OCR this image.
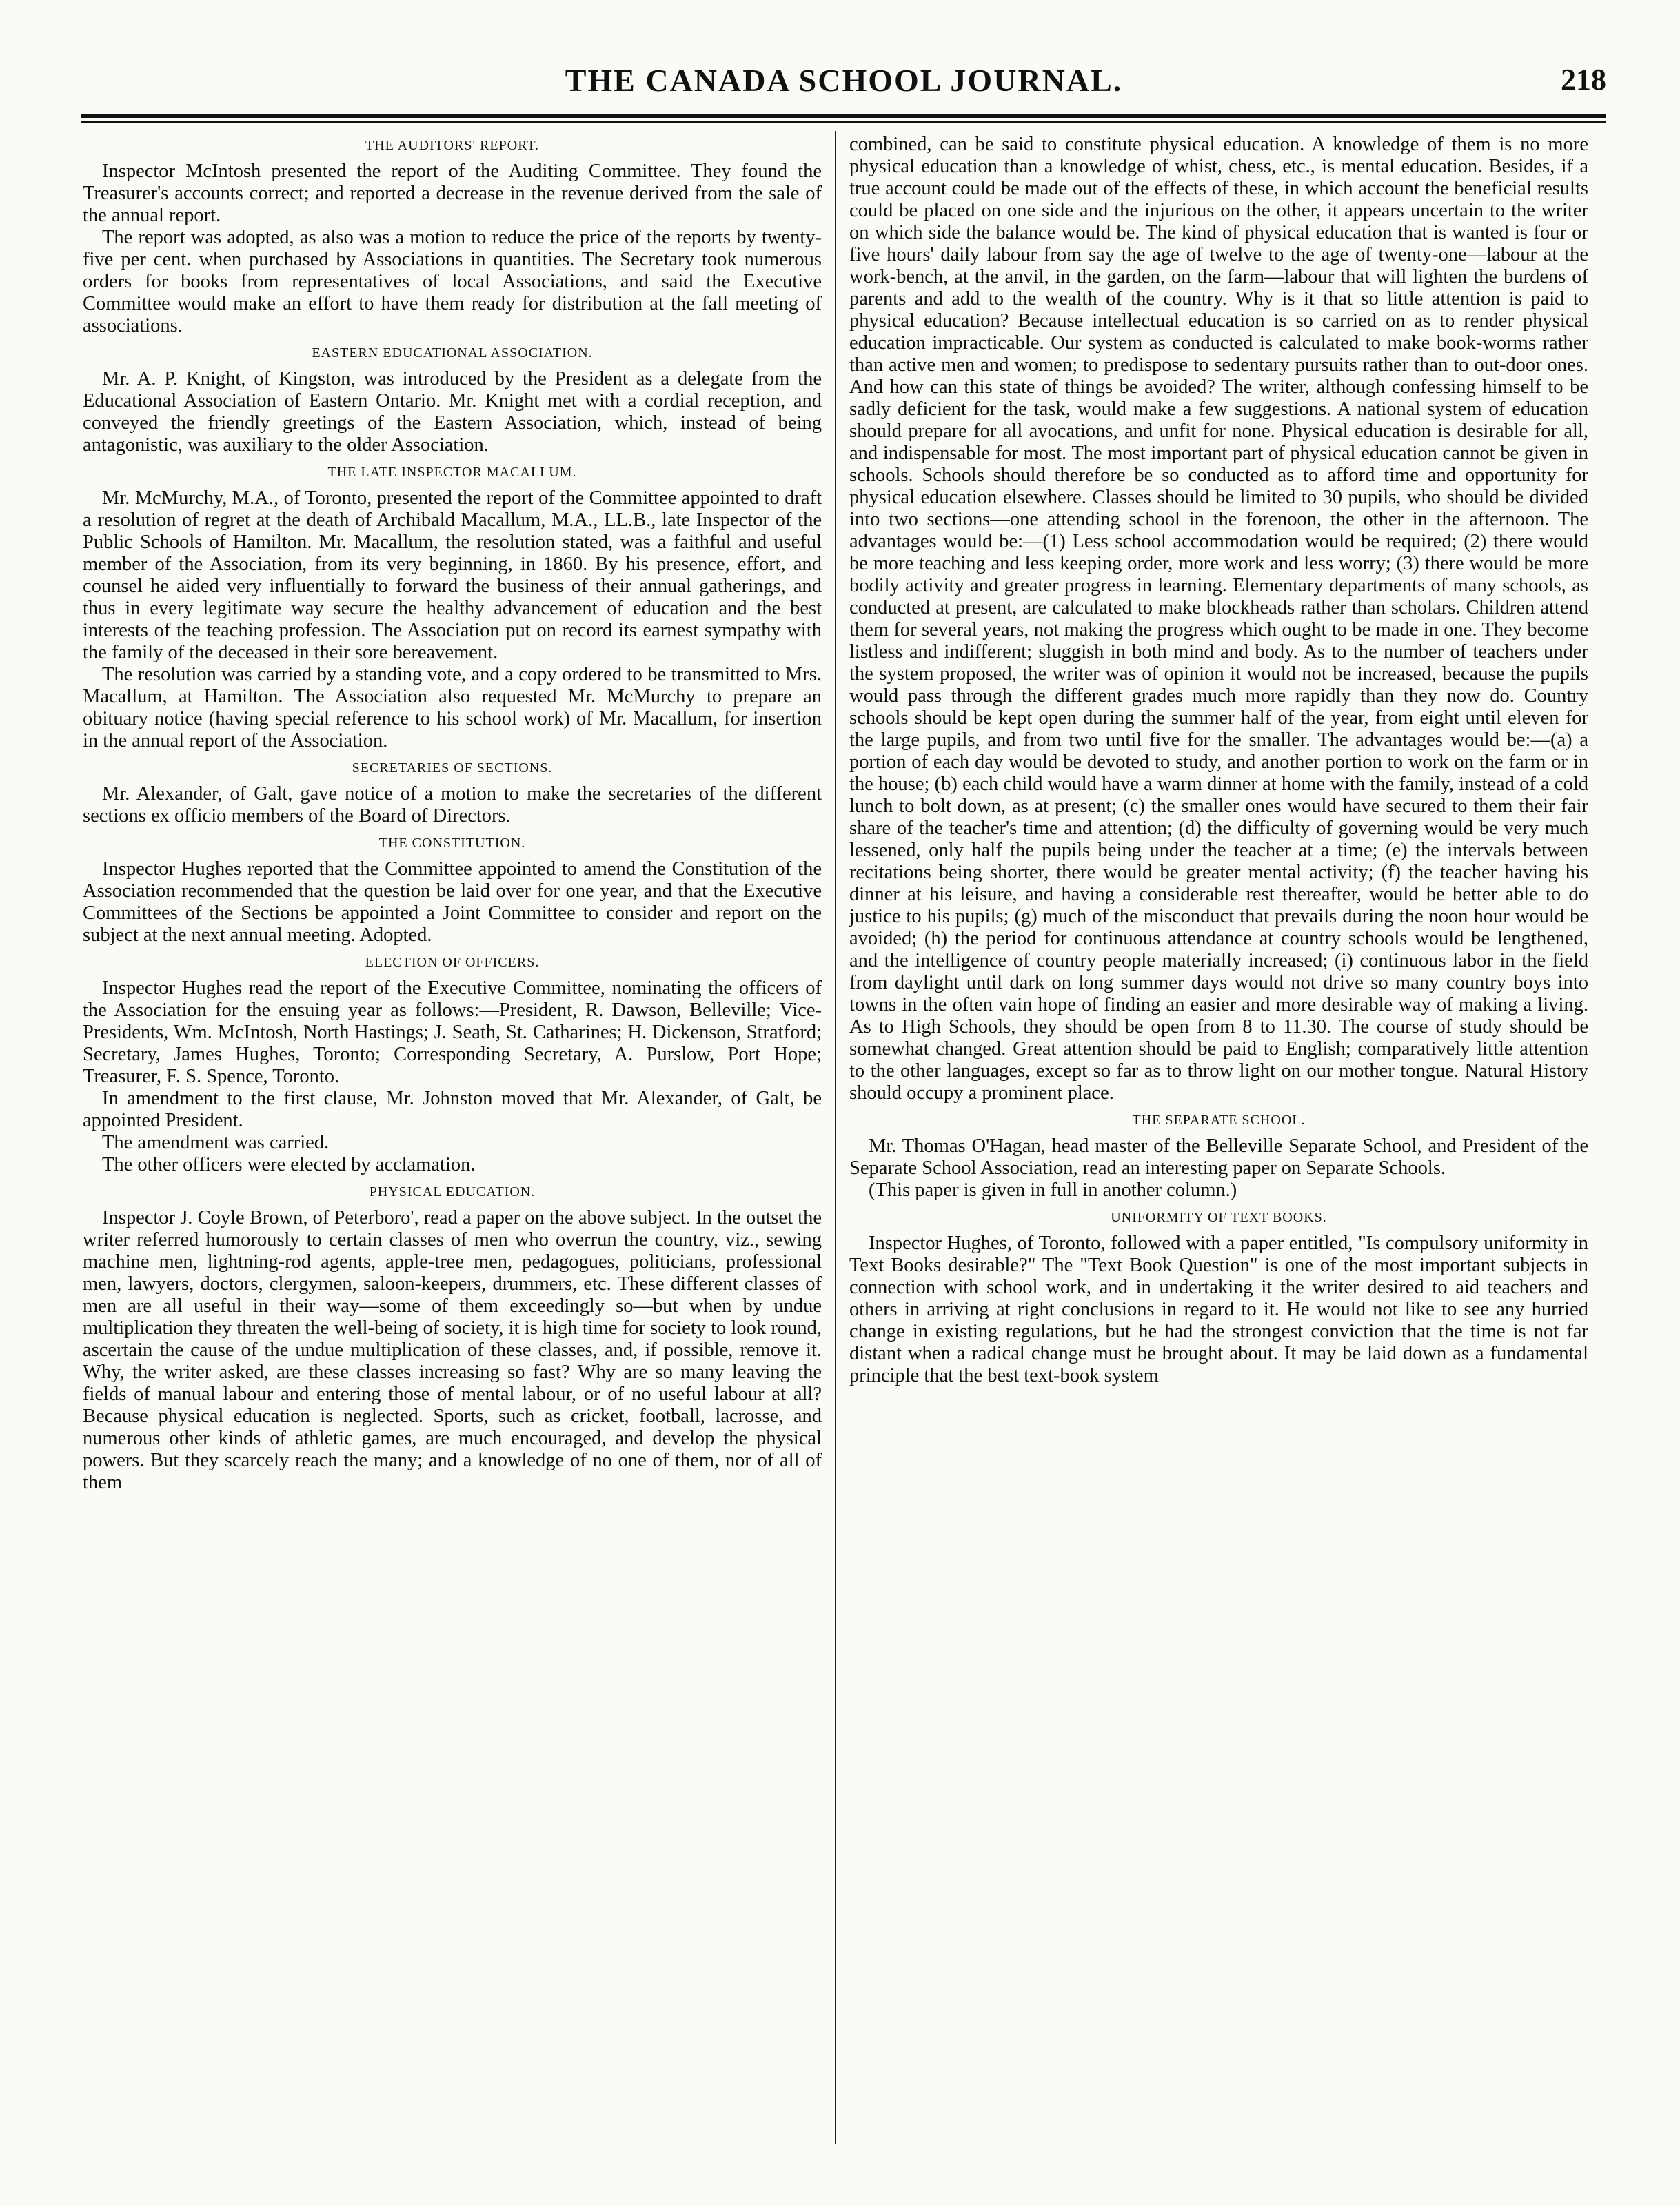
THE CANADA SCHOOL JOURNAL.	218
THE AUDITORS' REPORT.

Inspector McIntosh presented the report of the Auditing Committee. They found the Treasurer's accounts correct; and reported a decrease in the revenue derived from the sale of the annual report.

The report was adopted, as also was a motion to reduce the price of the reports by twenty-five per cent. when purchased by Associations in quantities. The Secretary took numerous orders for books from representatives of local Associations, and said the Executive Committee would make an effort to have them ready for distribution at the fall meeting of associations.

EASTERN EDUCATIONAL ASSOCIATION.

Mr. A. P. Knight, of Kingston, was introduced by the President as a delegate from the Educational Association of Eastern Ontario. Mr. Knight met with a cordial reception, and conveyed the friendly greetings of the Eastern Association, which, instead of being antagonistic, was auxiliary to the older Association.

THE LATE INSPECTOR MACALLUM.

Mr. McMurchy, M.A., of Toronto, presented the report of the Committee appointed to draft a resolution of regret at the death of Archibald Macallum, M.A., LL.B., late Inspector of the Public Schools of Hamilton. Mr. Macallum, the resolution stated, was a faithful and useful member of the Association, from its very beginning, in 1860. By his presence, effort, and counsel he aided very influentially to forward the business of their annual gatherings, and thus in every legitimate way secure the healthy advancement of education and the best interests of the teaching profession. The Association put on record its earnest sympathy with the family of the deceased in their sore bereavement.

The resolution was carried by a standing vote, and a copy ordered to be transmitted to Mrs. Macallum, at Hamilton. The Association also requested Mr. McMurchy to prepare an obituary notice (having special reference to his school work) of Mr. Macallum, for insertion in the annual report of the Association.

SECRETARIES OF SECTIONS.

Mr. Alexander, of Galt, gave notice of a motion to make the secretaries of the different sections ex officio members of the Board of Directors.

THE CONSTITUTION.

Inspector Hughes reported that the Committee appointed to amend the Constitution of the Association recommended that the question be laid over for one year, and that the Executive Committees of the Sections be appointed a Joint Committee to consider and report on the subject at the next annual meeting. Adopted.

ELECTION OF OFFICERS.

Inspector Hughes read the report of the Executive Committee, nominating the officers of the Association for the ensuing year as follows:—President, R. Dawson, Belleville; Vice-Presidents, Wm. McIntosh, North Hastings; J. Seath, St. Catharines; H. Dickenson, Stratford; Secretary, James Hughes, Toronto; Corresponding Secretary, A. Purslow, Port Hope; Treasurer, F. S. Spence, Toronto.

In amendment to the first clause, Mr. Johnston moved that Mr. Alexander, of Galt, be appointed President.

The amendment was carried.

The other officers were elected by acclamation.

PHYSICAL EDUCATION.

Inspector J. Coyle Brown, of Peterboro', read a paper on the above subject. In the outset the writer referred humorously to certain classes of men who overrun the country, viz., sewing machine men, lightning-rod agents, apple-tree men, pedagogues, politicians, professional men, lawyers, doctors, clergymen, saloon-keepers, drummers, etc. These different classes of men are all useful in their way—some of them exceedingly so—but when by undue multiplication they threaten the well-being of society, it is high time for society to look round, ascertain the cause of the undue multiplication of these classes, and, if possible, remove it. Why, the writer asked, are these classes increasing so fast? Why are so many leaving the fields of manual labour and entering those of mental labour, or of no useful labour at all? Because physical education is neglected. Sports, such as cricket, football, lacrosse, and numerous other kinds of athletic games, are much encouraged, and develop the physical powers. But they scarcely reach the many; and a knowledge of no one of them, nor of all of them

combined, can be said to constitute physical education. A knowledge of them is no more physical education than a knowledge of whist, chess, etc., is mental education. Besides, if a true account could be made out of the effects of these, in which account the beneficial results could be placed on one side and the injurious on the other, it appears uncertain to the writer on which side the balance would be. The kind of physical education that is wanted is four or five hours' daily labour from say the age of twelve to the age of twenty-one—labour at the work-bench, at the anvil, in the garden, on the farm—labour that will lighten the burdens of parents and add to the wealth of the country. Why is it that so little attention is paid to physical education? Because intellectual education is so carried on as to render physical education impracticable. Our system as conducted is calculated to make book-worms rather than active men and women; to predispose to sedentary pursuits rather than to out-door ones. And how can this state of things be avoided? The writer, although confessing himself to be sadly deficient for the task, would make a few suggestions. A national system of education should prepare for all avocations, and unfit for none. Physical education is desirable for all, and indispensable for most. The most important part of physical education cannot be given in schools. Schools should therefore be so conducted as to afford time and opportunity for physical education elsewhere. Classes should be limited to 30 pupils, who should be divided into two sections—one attending school in the forenoon, the other in the afternoon. The advantages would be:—(1) Less school accommodation would be required; (2) there would be more teaching and less keeping order, more work and less worry; (3) there would be more bodily activity and greater progress in learning. Elementary departments of many schools, as conducted at present, are calculated to make blockheads rather than scholars. Children attend them for several years, not making the progress which ought to be made in one. They become listless and indifferent; sluggish in both mind and body. As to the number of teachers under the system proposed, the writer was of opinion it would not be increased, because the pupils would pass through the different grades much more rapidly than they now do. Country schools should be kept open during the summer half of the year, from eight until eleven for the large pupils, and from two until five for the smaller. The advantages would be:—(a) a portion of each day would be devoted to study, and another portion to work on the farm or in the house; (b) each child would have a warm dinner at home with the family, instead of a cold lunch to bolt down, as at present; (c) the smaller ones would have secured to them their fair share of the teacher's time and attention; (d) the difficulty of governing would be very much lessened, only half the pupils being under the teacher at a time; (e) the intervals between recitations being shorter, there would be greater mental activity; (f) the teacher having his dinner at his leisure, and having a considerable rest thereafter, would be better able to do justice to his pupils; (g) much of the misconduct that prevails during the noon hour would be avoided; (h) the period for continuous attendance at country schools would be lengthened, and the intelligence of country people materially increased; (i) continuous labor in the field from daylight until dark on long summer days would not drive so many country boys into towns in the often vain hope of finding an easier and more desirable way of making a living. As to High Schools, they should be open from 8 to 11.30. The course of study should be somewhat changed. Great attention should be paid to English; comparatively little attention to the other languages, except so far as to throw light on our mother tongue. Natural History should occupy a prominent place.

THE SEPARATE SCHOOL.

Mr. Thomas O'Hagan, head master of the Belleville Separate School, and President of the Separate School Association, read an interesting paper on Separate Schools.

(This paper is given in full in another column.)

UNIFORMITY OF TEXT BOOKS.

Inspector Hughes, of Toronto, followed with a paper entitled, "Is compulsory uniformity in Text Books desirable?" The "Text Book Question" is one of the most important subjects in connection with school work, and in undertaking it the writer desired to aid teachers and others in arriving at right conclusions in regard to it. He would not like to see any hurried change in existing regulations, but he had the strongest conviction that the time is not far distant when a radical change must be brought about. It may be laid down as a fundamental principle that the best text-book system
